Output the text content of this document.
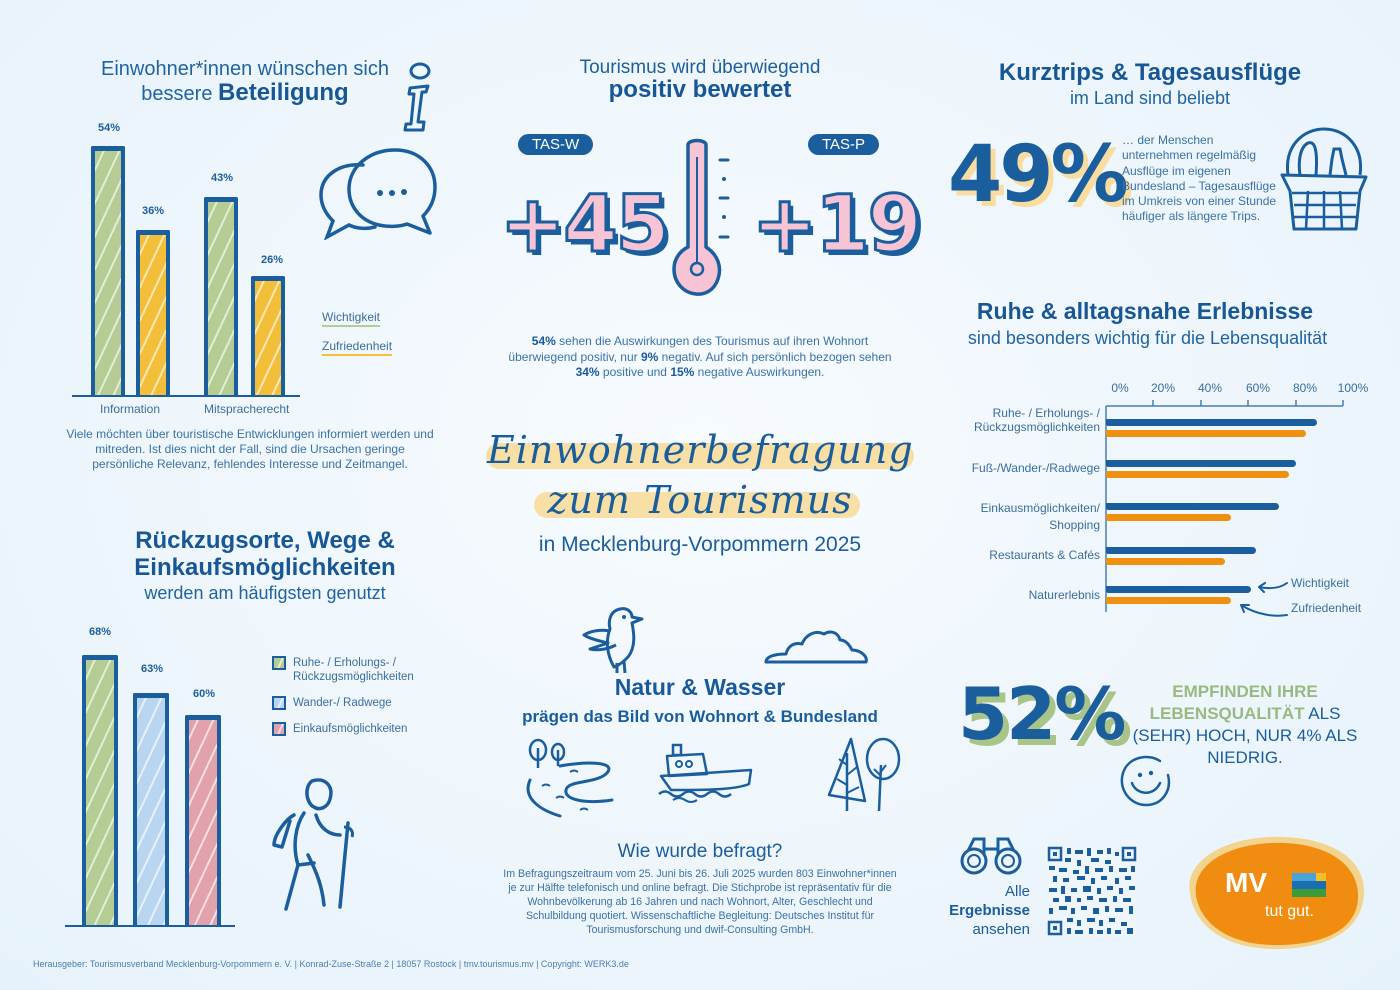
Einwohner*innen wünschen sich
bessere Beteiligung
54%
36%
43%
26%
Information	Mitspracherecht
Wichtigkeit
Zufriedenheit
Viele möchten über touristische Entwicklungen informiert werden und mitreden. Ist dies nicht der Fall, sind die Ursachen geringe persönliche Relevanz, fehlendes Interesse und Zeitmangel.
Tourismus wird überwiegend
positiv bewertet
TAS-W	TAS-P
+45 +19
54% sehen die Auswirkungen des Tourismus auf ihren Wohnort überwiegend positiv, nur 9% negativ. Auf sich persönlich bezogen sehen 34% positive und 15% negative Auswirkungen.
Einwohnerbefragung
zum Tourismus
in Mecklenburg-Vorpommern 2025
Natur & Wasser
prägen das Bild von Wohnort & Bundesland
Wie wurde befragt?
Im Befragungszeitraum vom 25. Juni bis 26. Juli 2025 wurden 803 Einwohner*innen je zur Hälfte telefonisch und online befragt. Die Stichprobe ist repräsentativ für die Wohnbevölkerung ab 16 Jahren und nach Wohnort, Alter, Geschlecht und Schulbildung quotiert. Wissenschaftliche Begleitung: Deutsches Institut für Tourismusforschung und dwif-Consulting GmbH.
Rückzugsorte, Wege &
Einkaufsmöglichkeiten
werden am häufigsten genutzt
68%
63%
60%
Ruhe- / Erholungs- / Rückzugsmöglichkeiten
Wander-/ Radwege
Einkaufsmöglichkeiten
Kurztrips & Tagesausflüge
im Land sind beliebt
49%
… der Menschen unternehmen regelmäßig Ausflüge im eigenen Bundesland – Tagesausflüge im Umkreis von einer Stunde häufiger als längere Trips.
Ruhe & alltagsnahe Erlebnisse
sind besonders wichtig für die Lebensqualität
0%	20%	40%	60%	80%	100%
Ruhe- / Erholungs- / Rückzugsmöglichkeiten
Fuß-/Wander-/Radwege
Einkausmöglichkeiten/ Shopping
Restaurants & Cafés
Naturerlebnis
Wichtigkeit
Zufriedenheit
52%	EMPFINDEN IHRE LEBENSQUALITÄT ALS (SEHR) HOCH, NUR 4% ALS NIEDRIG.
Alle
Ergebnisse
ansehen
MV
tut gut.
Herausgeber: Tourismusverband Mecklenburg-Vorpommern e. V. | Konrad-Zuse-Straße 2 | 18057 Rostock | tmv.tourismus.mv | Copyright: WERK3.de
